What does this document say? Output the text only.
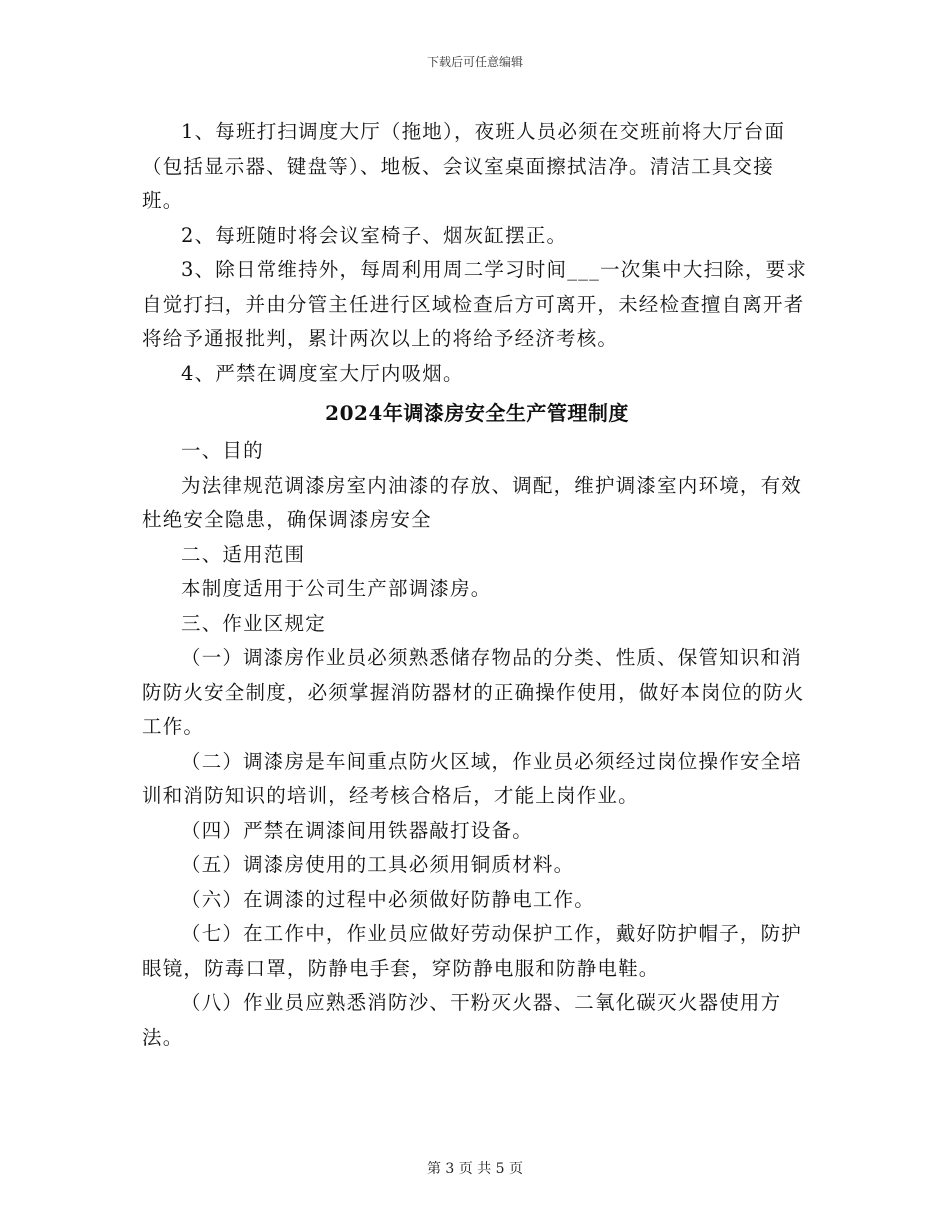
下载后可任意编辑

1、每班打扫调度大厅（拖地），夜班人员必须在交班前将大厅台面（包括显示器、键盘等）、地板、会议室桌面擦拭洁净。清洁工具交接班。

2、每班随时将会议室椅子、烟灰缸摆正。

3、除日常维持外，每周利用周二学习时间___一次集中大扫除，要求自觉打扫，并由分管主任进行区域检查后方可离开，未经检查擅自离开者将给予通报批判，累计两次以上的将给予经济考核。

4、严禁在调度室大厅内吸烟。

2024年调漆房安全生产管理制度

一、目的

为法律规范调漆房室内油漆的存放、调配，维护调漆室内环境，有效杜绝安全隐患，确保调漆房安全

二、适用范围

本制度适用于公司生产部调漆房。

三、作业区规定

（一）调漆房作业员必须熟悉储存物品的分类、性质、保管知识和消防防火安全制度，必须掌握消防器材的正确操作使用，做好本岗位的防火工作。

（二）调漆房是车间重点防火区域，作业员必须经过岗位操作安全培训和消防知识的培训，经考核合格后，才能上岗作业。

（四）严禁在调漆间用铁器敲打设备。

（五）调漆房使用的工具必须用铜质材料。

（六）在调漆的过程中必须做好防静电工作。

（七）在工作中，作业员应做好劳动保护工作，戴好防护帽子，防护眼镜，防毒口罩，防静电手套，穿防静电服和防静电鞋。

（八）作业员应熟悉消防沙、干粉灭火器、二氧化碳灭火器使用方法。

第 3 页 共 5 页
